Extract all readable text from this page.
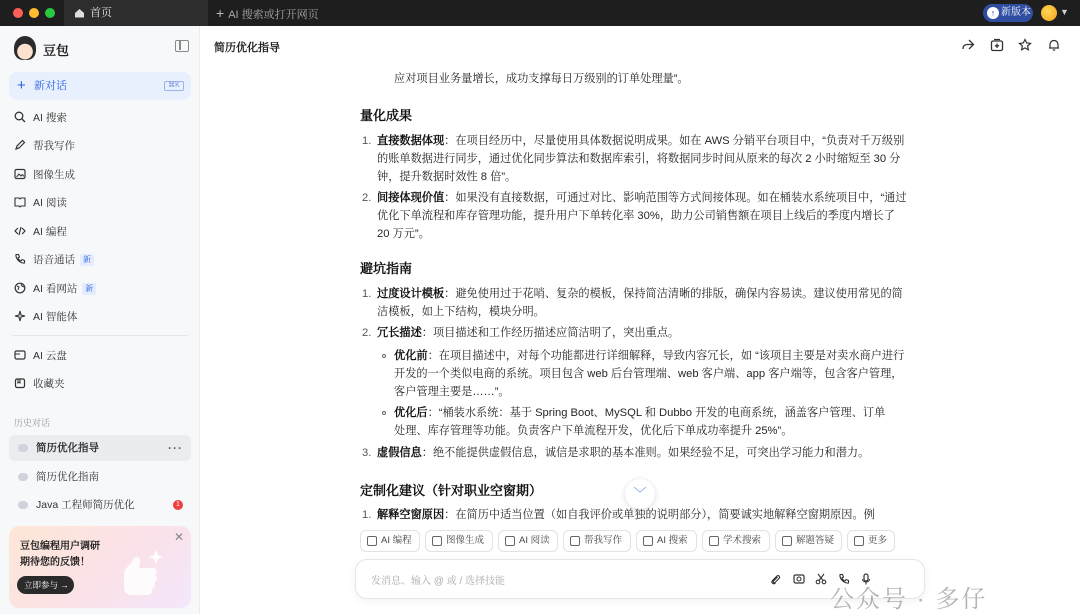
首页	+ AI 搜索或打开网页	↑ 新版本	▼
豆包
+ 新对话	⌘K
AI 搜索
帮我写作
图像生成
AI 阅读
AI 编程
语音通话 新
AI 看网站 新
AI 智能体
AI 云盘
收藏夹
历史对话
简历优化指导	···
简历优化指南
Java 工程师简历优化	1
✕
豆包编程用户调研
期待您的反馈！
立即参与 →
简历优化指导
应对项目业务量增长，成功支撑每日万级别的订单处理量”。
量化成果
1. 直接数据体现：在项目经历中，尽量使用具体数据说明成果。如在 AWS 分销平台项目中，“负责对千万级别
的账单数据进行同步，通过优化同步算法和数据库索引，将数据同步时间从原来的每次 2 小时缩短至 30 分
钟，提升数据时效性 8 倍”。
2. 间接体现价值：如果没有直接数据，可通过对比、影响范围等方式间接体现。如在桶装水系统项目中，“通过
优化下单流程和库存管理功能，提升用户下单转化率 30%，助力公司销售额在项目上线后的季度内增长了
20 万元”。
避坑指南
1. 过度设计模板：避免使用过于花哨、复杂的模板，保持简洁清晰的排版，确保内容易读。建议使用常见的简
洁模板，如上下结构，模块分明。
2. 冗长描述：项目描述和工作经历描述应简洁明了，突出重点。
优化前：在项目描述中，对每个功能都进行详细解释，导致内容冗长，如 “该项目主要是对卖水商户进行
开发的一个类似电商的系统。项目包含 web 后台管理端、web 客户端、app 客户端等，包含客户管理，
客户管理主要是……”。
优化后：“桶装水系统：基于 Spring Boot、MySQL 和 Dubbo 开发的电商系统，涵盖客户管理、订单
处理、库存管理等功能。负责客户下单流程开发，优化后下单成功率提升 25%”。
3. 虚假信息：绝不能提供虚假信息，诚信是求职的基本准则。如果经验不足，可突出学习能力和潜力。
定制化建议（针对职业空窗期）
1. 解释空窗原因：在简历中适当位置（如自我评价或单独的说明部分），简要诚实地解释空窗期原因。例
﹀
AI 编程	图像生成	AI 阅读	帮我写作	AI 搜索	学术搜索	解题答疑	更多
发消息、输入 @ 或 / 选择技能
公众号 · 多仔
